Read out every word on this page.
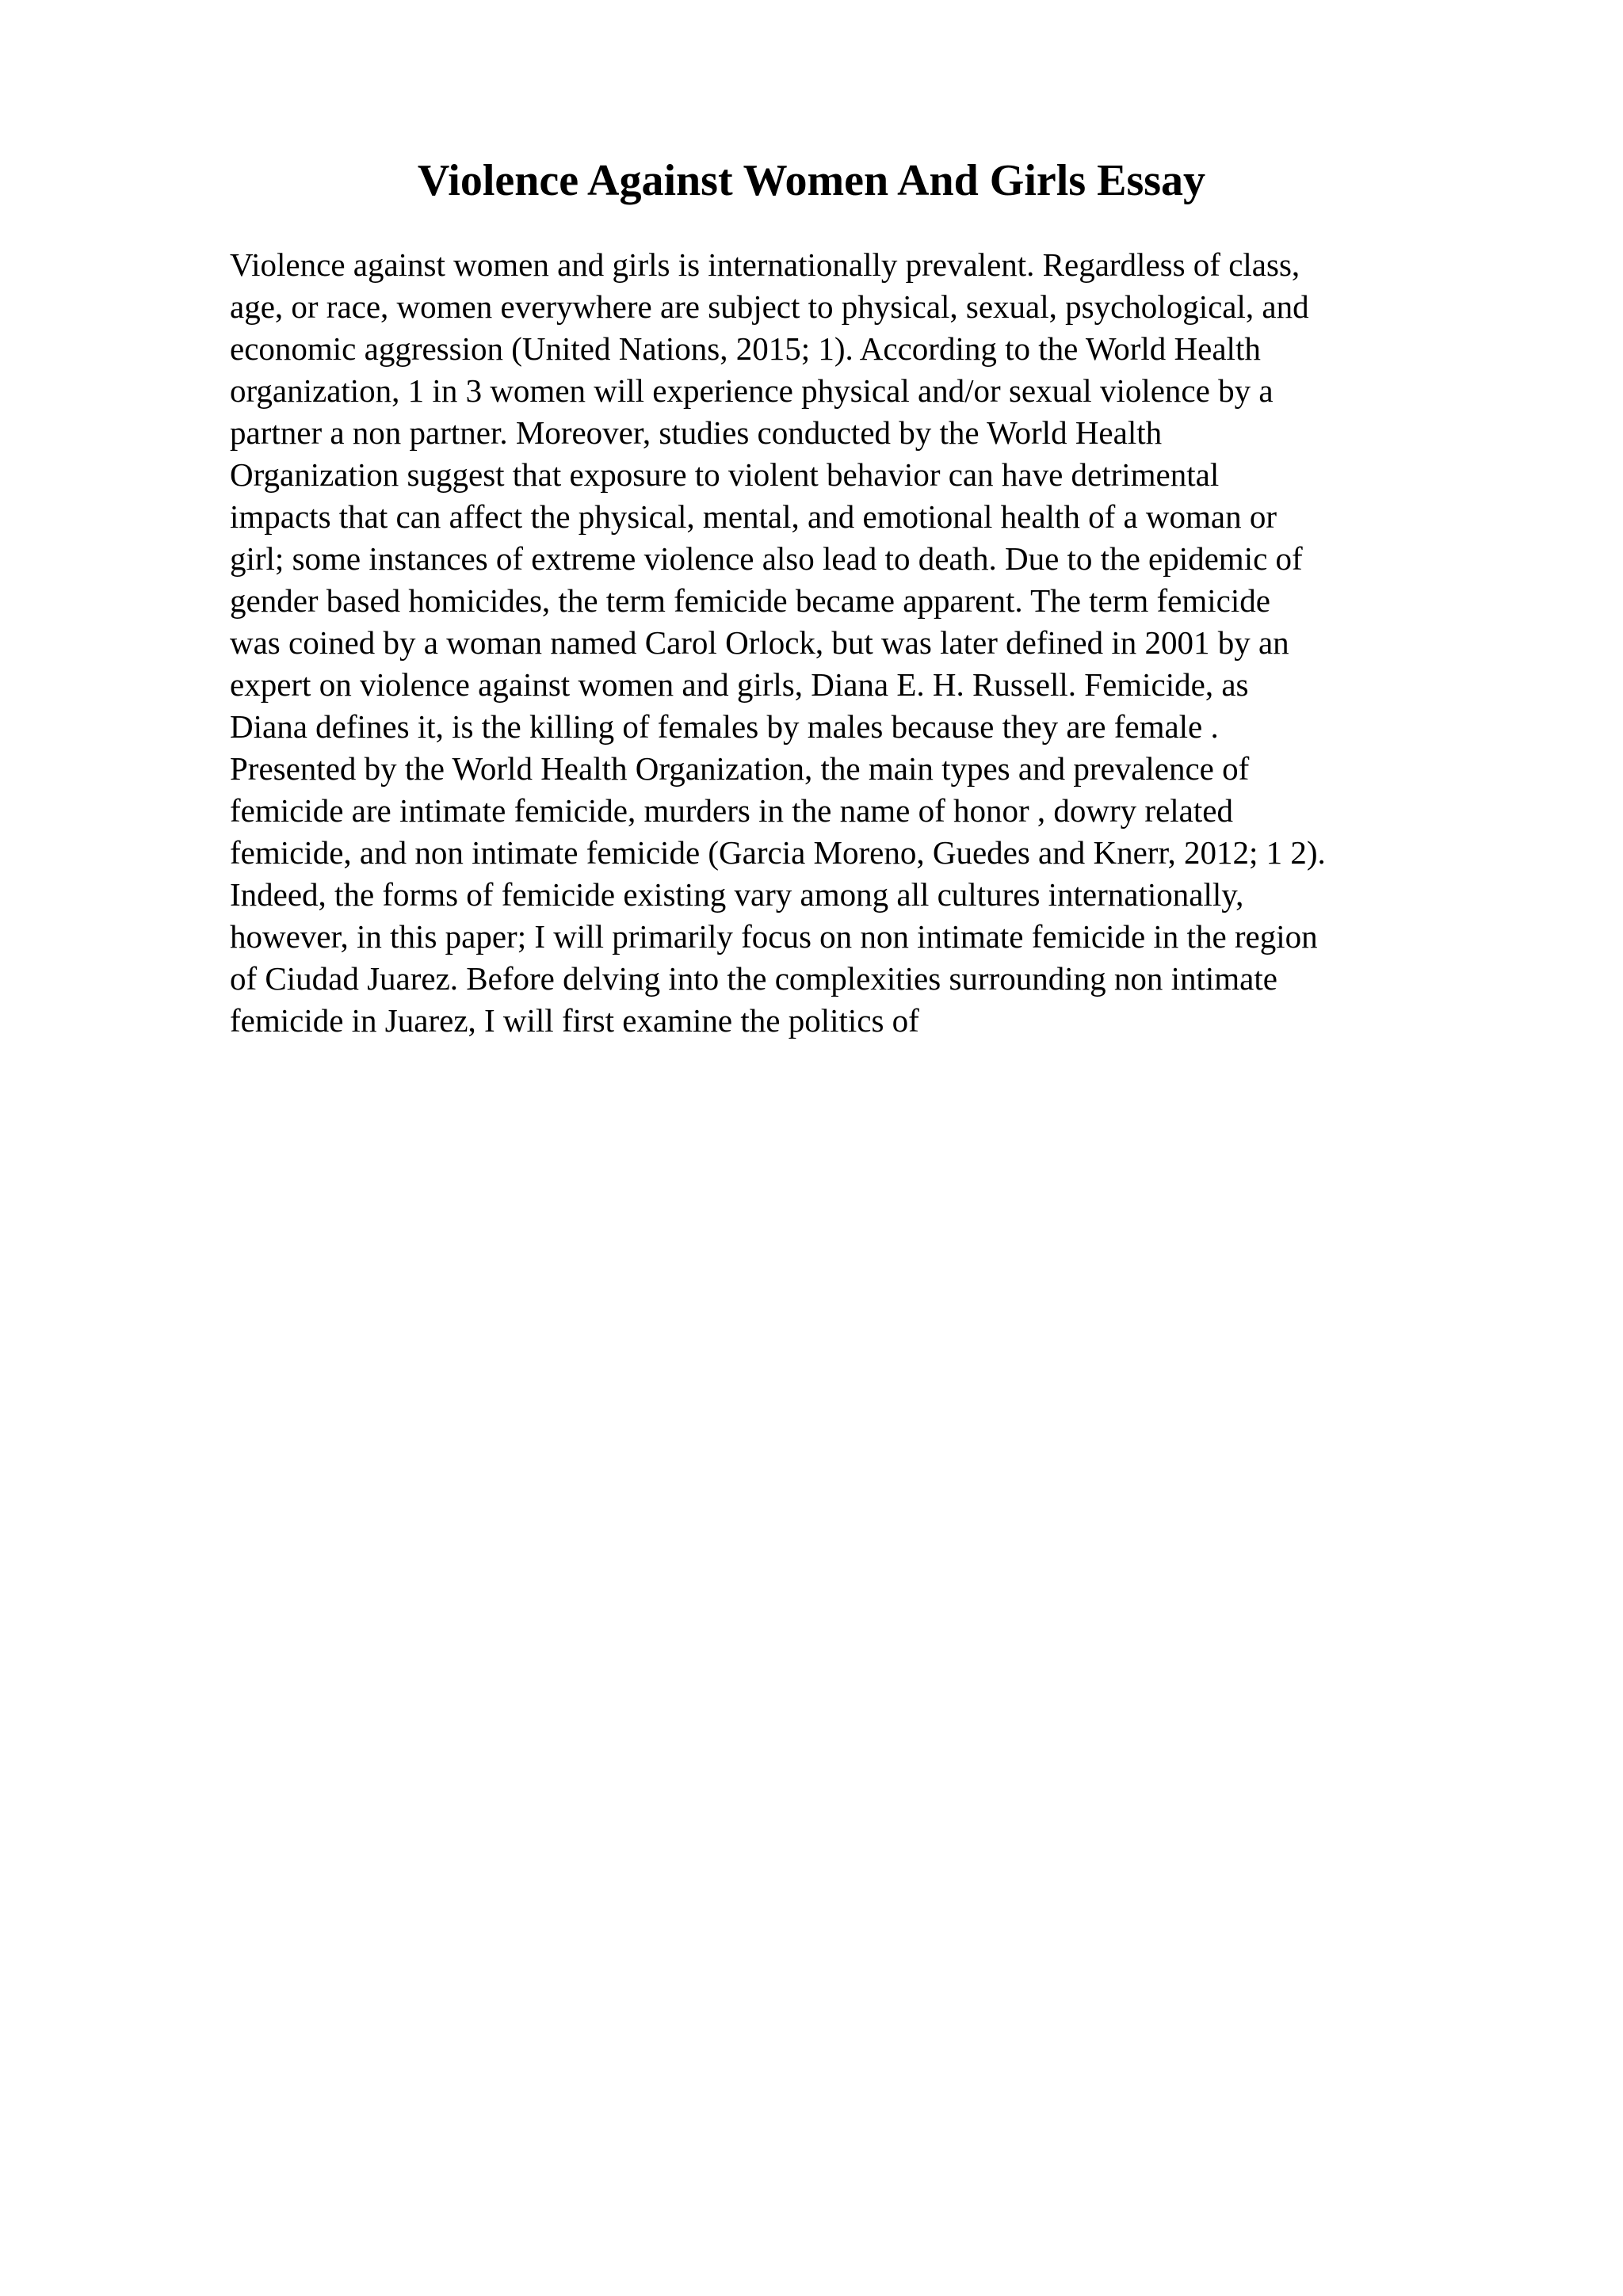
Violence Against Women And Girls Essay
Violence against women and girls is internationally prevalent. Regardless of class,
age, or race, women everywhere are subject to physical, sexual, psychological, and
economic aggression (United Nations, 2015; 1). According to the World Health
organization, 1 in 3 women will experience physical and/or sexual violence by a
partner a non partner. Moreover, studies conducted by the World Health
Organization suggest that exposure to violent behavior can have detrimental
impacts that can affect the physical, mental, and emotional health of a woman or
girl; some instances of extreme violence also lead to death. Due to the epidemic of
gender based homicides, the term femicide became apparent. The term femicide
was coined by a woman named Carol Orlock, but was later defined in 2001 by an
expert on violence against women and girls, Diana E. H. Russell. Femicide, as
Diana defines it, is the killing of females by males because they are female .
Presented by the World Health Organization, the main types and prevalence of
femicide are intimate femicide, murders in the name of honor , dowry related
femicide, and non intimate femicide (Garcia Moreno, Guedes and Knerr, 2012; 1 2).
Indeed, the forms of femicide existing vary among all cultures internationally,
however, in this paper; I will primarily focus on non intimate femicide in the region
of Ciudad Juarez. Before delving into the complexities surrounding non intimate
femicide in Juarez, I will first examine the politics of
